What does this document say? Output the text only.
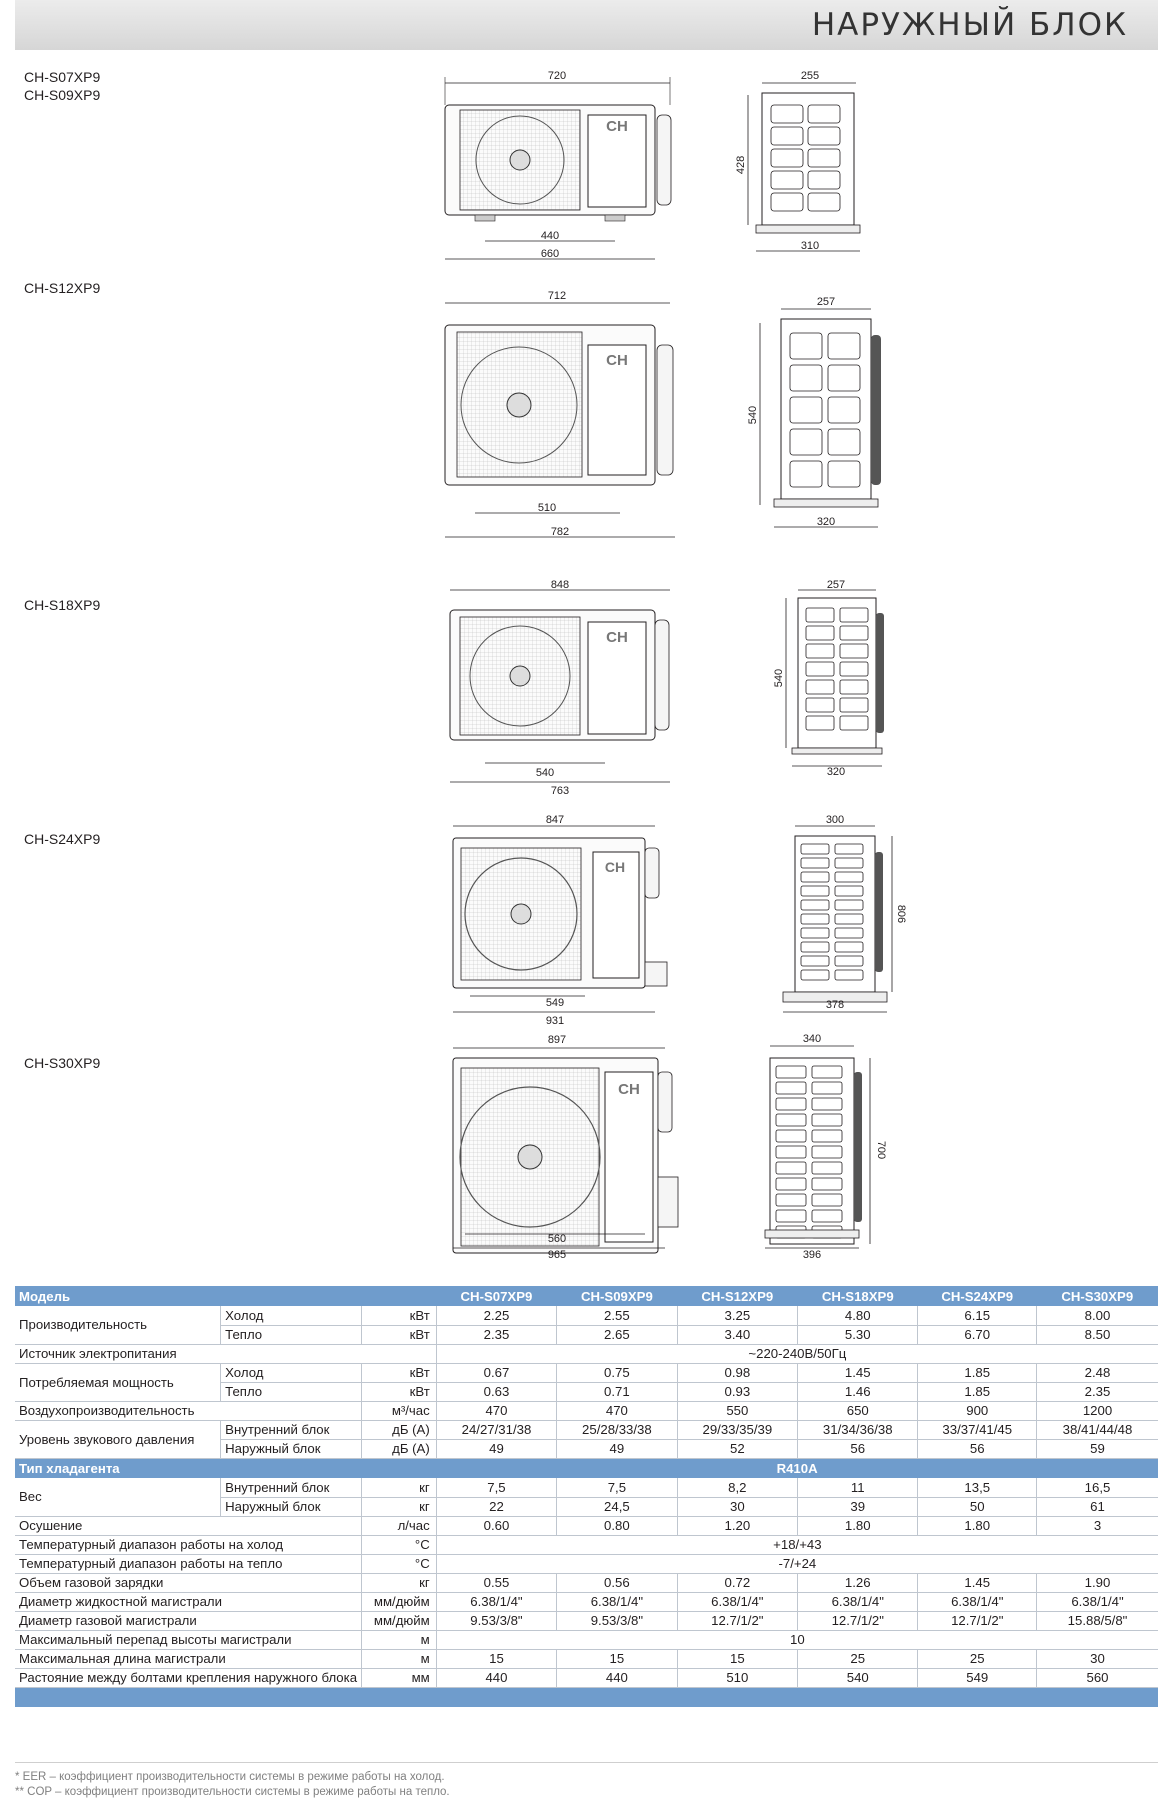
НАРУЖНЫЙ БЛОК
CH-S07XP9
CH-S09XP9
CH-S12XP9
CH-S18XP9
CH-S24XP9
CH-S30XP9
720
CH
440
660
255
428
310
712
CH
510
782
257
540
320
848
CH
540
763
257
540
320
847
CH
549
931
300
806
378
897
CH
560
965
340
700
396
Модель			CH-S07XP9	CH-S09XP9	CH-S12XP9	CH-S18XP9	CH-S24XP9	CH-S30XP9
Производительность	Холод	кВт	2.25	2.55	3.25	4.80	6.15	8.00
	Тепло	кВт	2.35	2.65	3.40	5.30	6.70	8.50
Источник электропитания			~220-240В/50Гц					
Потребляемая мощность	Холод	кВт	0.67	0.75	0.98	1.45	1.85	2.48
	Тепло	кВт	0.63	0.71	0.93	1.46	1.85	2.35
Воздухопроизводительность		м³/час	470	470	550	650	900	1200
Уровень звукового давления	Внутренний блок	дБ (А)	24/27/31/38	25/28/33/38	29/33/35/39	31/34/36/38	33/37/41/45	38/41/44/48
	Наружный блок	дБ (А)	49	49	52	56	56	59
Тип хладагента			R410A					
Вес	Внутренний блок	кг	7,5	7,5	8,2	11	13,5	16,5
	Наружный блок	кг	22	24,5	30	39	50	61
Осушение		л/час	0.60	0.80	1.20	1.80	1.80	3
Температурный диапазон работы на холод		°С	+18/+43					
Температурный диапазон работы на тепло		°С	-7/+24					
Объем газовой зарядки		кг	0.55	0.56	0.72	1.26	1.45	1.90
Диаметр жидкостной магистрали		мм/дюйм	6.38/1/4"	6.38/1/4"	6.38/1/4"	6.38/1/4"	6.38/1/4"	6.38/1/4"
Диаметр газовой магистрали		мм/дюйм	9.53/3/8"	9.53/3/8"	12.7/1/2"	12.7/1/2"	12.7/1/2"	15.88/5/8"
Максимальный перепад высоты магистрали		м	10					
Максимальная длина магистрали		м	15	15	15	25	25	30
Растояние между болтами крепления наружного блока		мм	440	440	510	540	549	560

* EER – коэффициент производительности системы в режиме работы на холод.
** COP – коэффициент производительности системы в режиме работы на тепло.
